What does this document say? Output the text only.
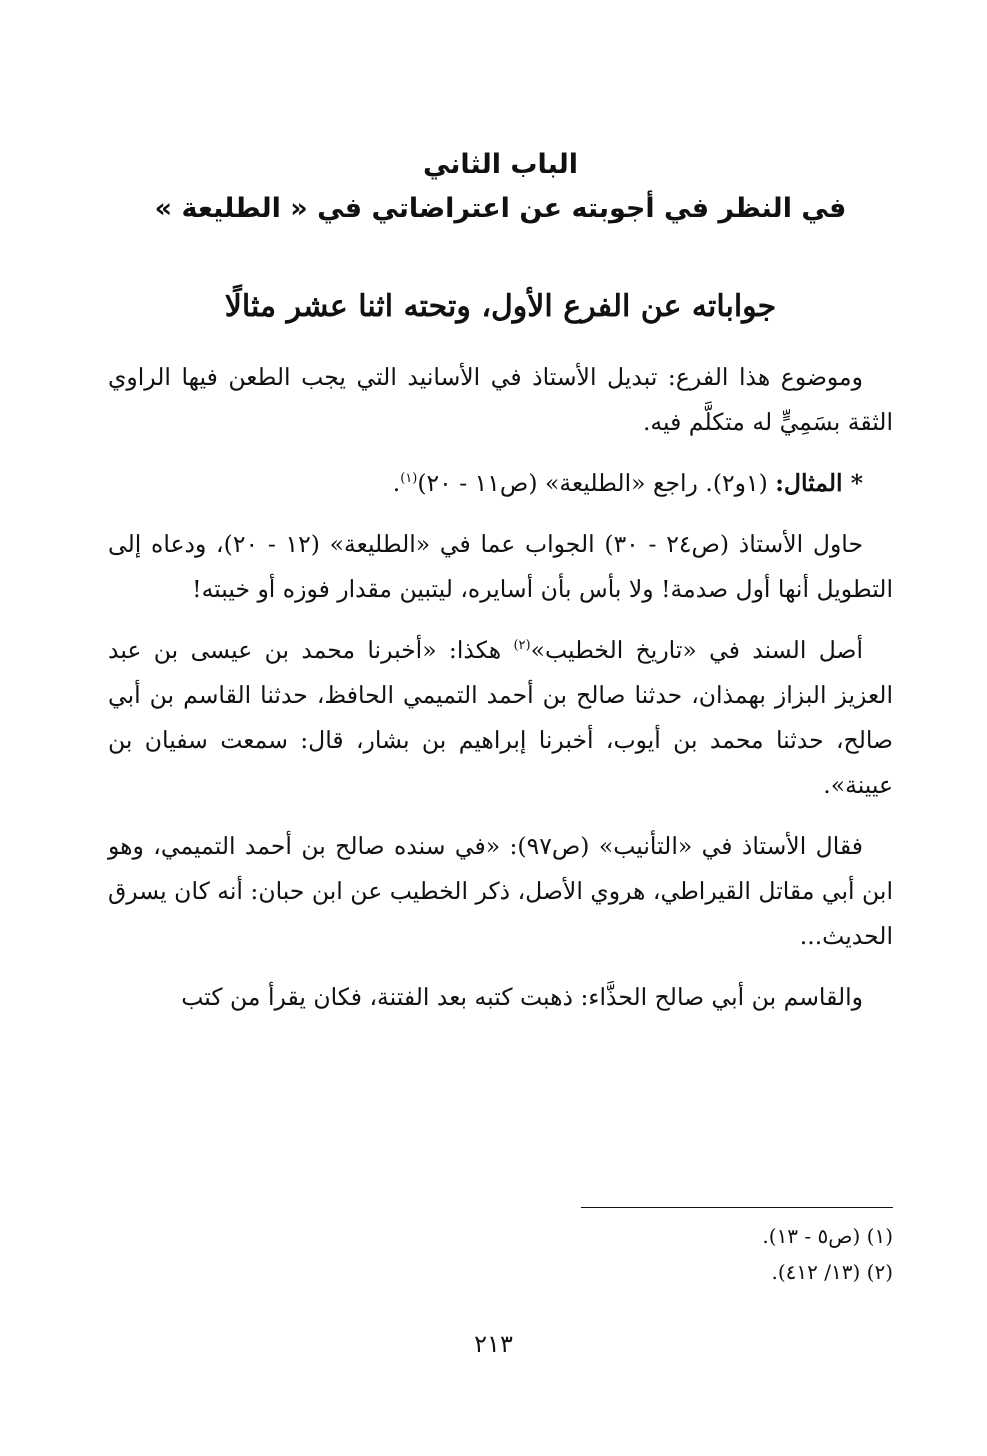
الباب الثاني
في النظر في أجوبته عن اعتراضاتي في « الطليعة »
جواباته عن الفرع الأول، وتحته اثنا عشر مثالًا

وموضوع هذا الفرع: تبديل الأستاذ في الأسانيد التي يجب الطعن فيها الراوي الثقة بسَمِيٍّ له متكلَّم فيه.

* المثال: (١و٢). راجع «الطليعة» (ص١١ - ٢٠)$^{(١)}$.

حاول الأستاذ (ص٢٤ - ٣٠) الجواب عما في «الطليعة» (١٢ - ٢٠)، ودعاه إلى التطويل أنها أول صدمة! ولا بأس بأن أسايره، ليتبين مقدار فوزه أو خيبته!

أصل السند في «تاريخ الخطيب»$^{(٢)}$ هكذا: «أخبرنا محمد بن عيسى بن عبد العزيز البزاز بهمذان، حدثنا صالح بن أحمد التميمي الحافظ، حدثنا القاسم بن أبي صالح، حدثنا محمد بن أيوب، أخبرنا إبراهيم بن بشار، قال: سمعت سفيان بن عيينة».

فقال الأستاذ في «التأنيب» (ص٩٧): «في سنده صالح بن أحمد التميمي، وهو ابن أبي مقاتل القيراطي، هروي الأصل، ذكر الخطيب عن ابن حبان: أنه كان يسرق الحديث...

والقاسم بن أبي صالح الحذَّاء: ذهبت كتبه بعد الفتنة، فكان يقرأ من كتب

(١) (ص٥ - ١٣).
(٢) (١٣/ ٤١٢).
٢١٣
